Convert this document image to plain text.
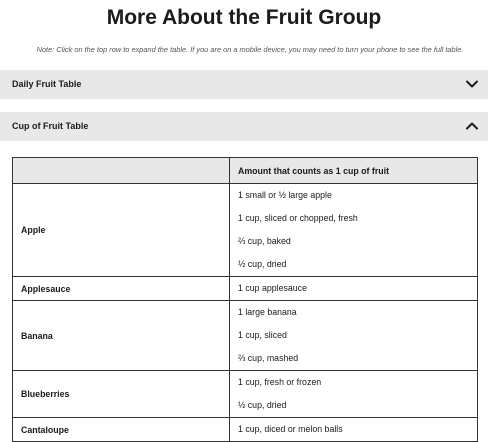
More About the Fruit Group
Note: Click on the top row to expand the table. If you are on a mobile device, you may need to turn your phone to see the full table.
Daily Fruit Table
Cup of Fruit Table
	Amount that counts as 1 cup of fruit
Apple	1 small or ½ large apple
1 cup, sliced or chopped, fresh
⅔ cup, baked
½ cup, dried

Applesauce	1 cup applesauce

Banana	1 large banana
1 cup, sliced
⅔ cup, mashed

Blueberries	1 cup, fresh or frozen
½ cup, dried

Cantaloupe	1 cup, diced or melon balls
